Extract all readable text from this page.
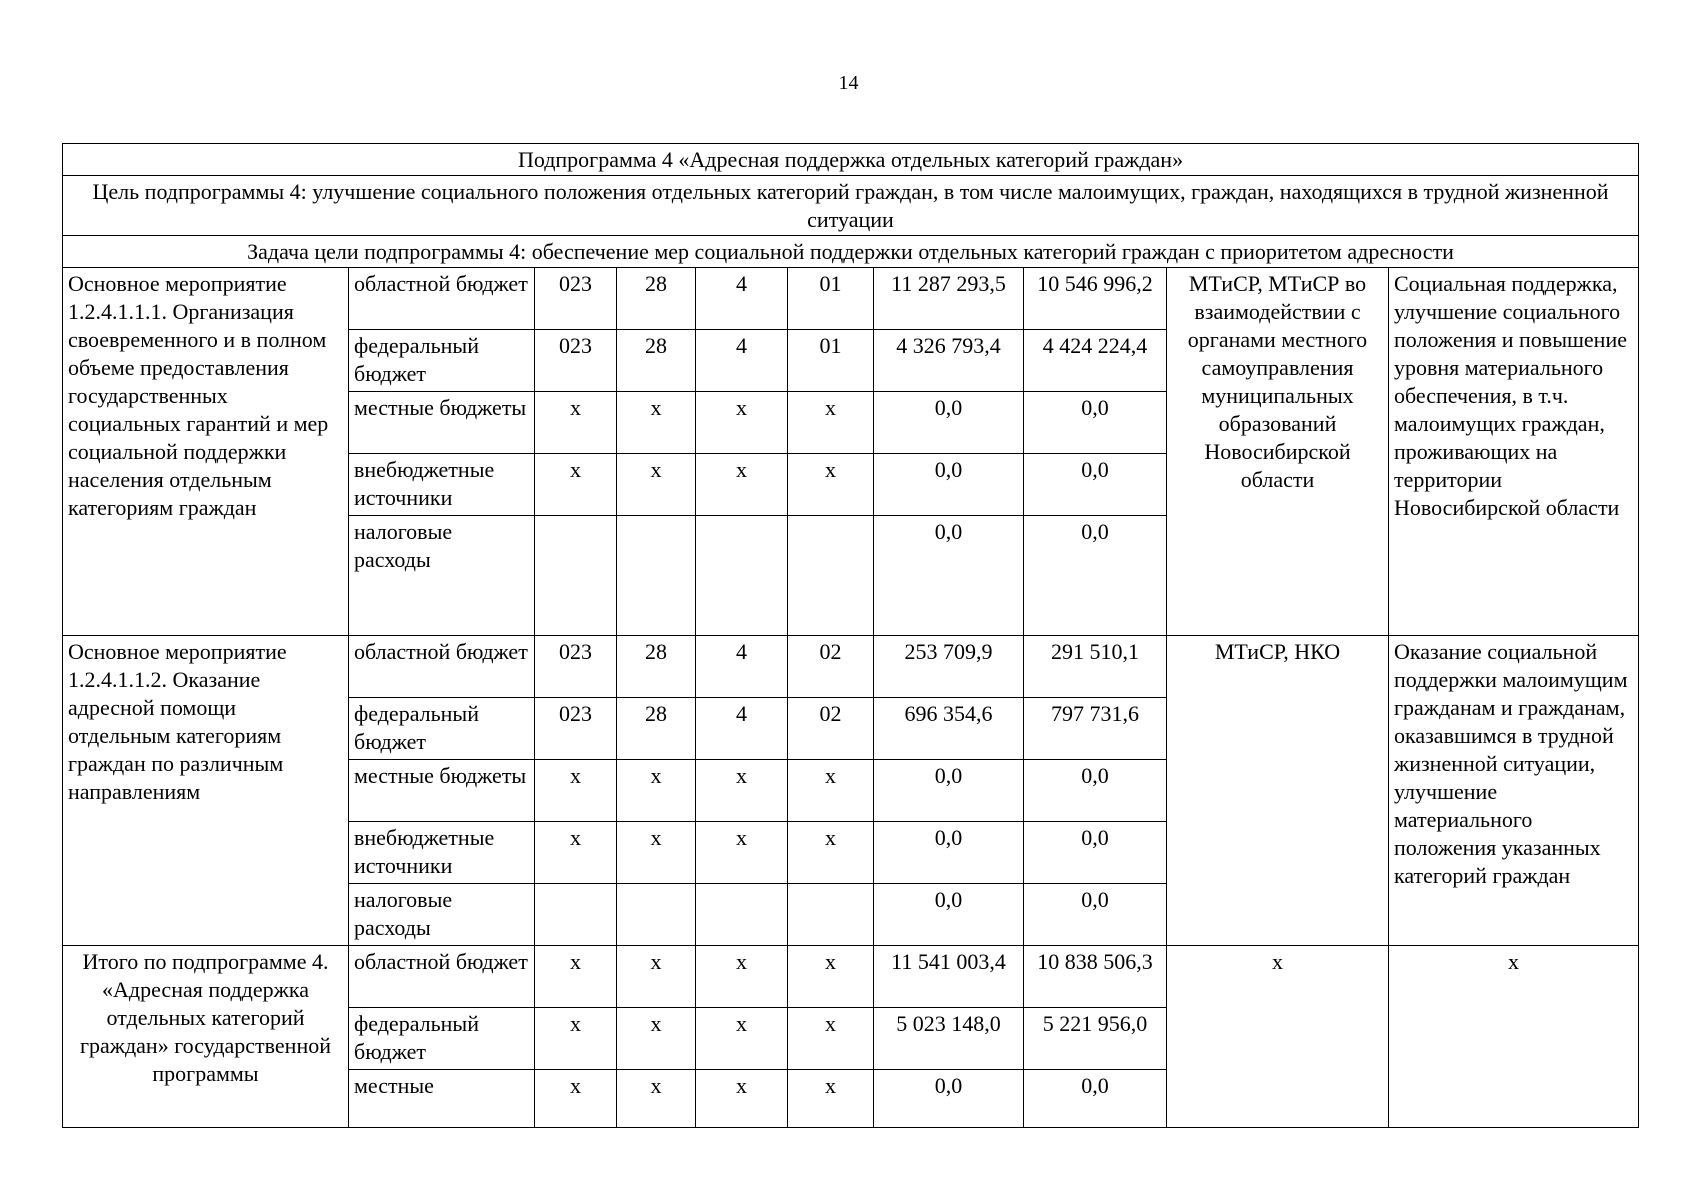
14
Подпрограмма 4 «Адресная поддержка отдельных категорий граждан»									
Цель подпрограммы 4: улучшение социального положения отдельных категорий граждан, в том числе малоимущих, граждан, находящихся в трудной жизненной ситуации									
Задача цели подпрограммы 4: обеспечение мер социальной поддержки отдельных категорий граждан с приоритетом адресности									
Основное мероприятие 1.2.4.1.1.1. Организация своевременного и в полном объеме предоставления государственных социальных гарантий и мер социальной поддержки населения отдельным категориям граждан	областной бюджет	023	28	4	01	11 287 293,5	10 546 996,2	МТиСР, МТиСР во взаимодействии с органами местного самоуправления муниципальных образований Новосибирской области	Социальная поддержка, улучшение социального положения и повышение уровня материального обеспечения, в т.ч. малоимущих граждан, проживающих на территории Новосибирской области
	федеральный бюджет	023	28	4	01	4 326 793,4	4 424 224,4		
	местные бюджеты	х	х	х	х	0,0	0,0		
	внебюджетные источники	х	х	х	х	0,0	0,0		
	налоговые расходы					0,0	0,0		
Основное мероприятие 1.2.4.1.1.2. Оказание адресной помощи отдельным категориям граждан по различным направлениям	областной бюджет	023	28	4	02	253 709,9	291 510,1	МТиСР, НКО	Оказание социальной поддержки малоимущим гражданам и гражданам, оказавшимся в трудной жизненной ситуации, улучшение материального положения указанных категорий граждан
	федеральный бюджет	023	28	4	02	696 354,6	797 731,6		
	местные бюджеты	х	х	х	х	0,0	0,0		
	внебюджетные источники	х	х	х	х	0,0	0,0		
	налоговые расходы					0,0	0,0		
Итого по подпрограмме 4. «Адресная поддержка отдельных категорий граждан» государственной программы	областной бюджет	х	х	х	х	11 541 003,4	10 838 506,3	х	х
	федеральный бюджет	х	х	х	х	5 023 148,0	5 221 956,0		
	местные	х	х	х	х	0,0	0,0		
